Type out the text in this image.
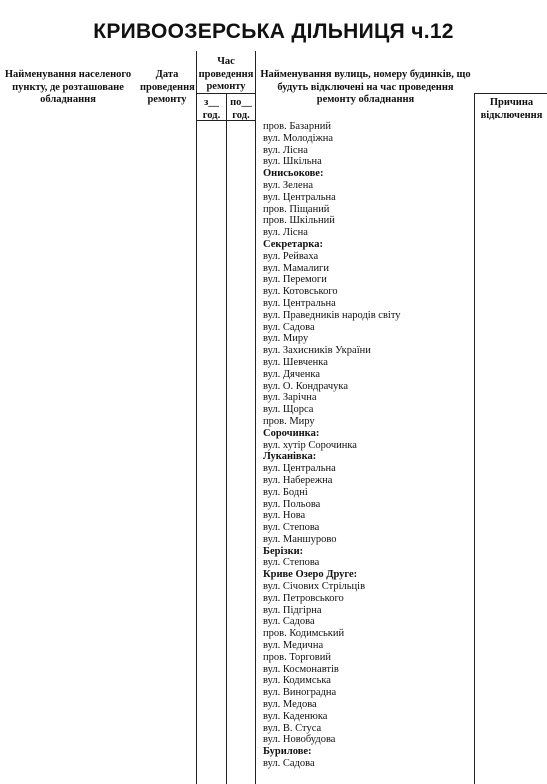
КРИВООЗЕРСЬКА ДІЛЬНИЦЯ ч.12
Найменування населеного пункту, де розташоване обладнання
Дата проведення ремонту
Час проведення ремонту
з__ год.
по__ год.
Найменування вулиць, номеру будинків, що будуть відключені на час проведення ремонту обладнання	Причина відключення
пров. Базарний
вул. Молодіжна
вул. Лісна
вул. Шкільна
Онисьокове:
вул. Зелена
вул. Центральна
пров. Піщаний
пров. Шкільний
вул. Лісна
Секретарка:
вул. Рейваха
вул. Мамалиги
вул. Перемоги
вул. Котовського
вул. Центральна
вул. Праведників народів світу
вул. Садова
вул. Миру
вул. Захисників України
вул. Шевченка
вул. Дяченка
вул. О. Кондрачука
вул. Зарічна
вул. Щорса
пров. Миру
Сорочинка:
вул. хутір Сорочинка
Луканівка:
вул. Центральна
вул. Набережна
вул. Бодні
вул. Польова
вул. Нова
вул. Степова
вул. Маншурово
Берізки:
вул. Степова
Криве Озеро Друге:
вул. Січових Стрільців
вул. Петровського
вул. Підгірна
вул. Садова
пров. Кодимський
вул. Медична
пров. Торговий
вул. Космонавтів
вул. Кодимська
вул. Виноградна
вул. Медова
вул. Каденюка
вул. В. Стуса
вул. Новобудова
Бурилове:
вул. Садова
